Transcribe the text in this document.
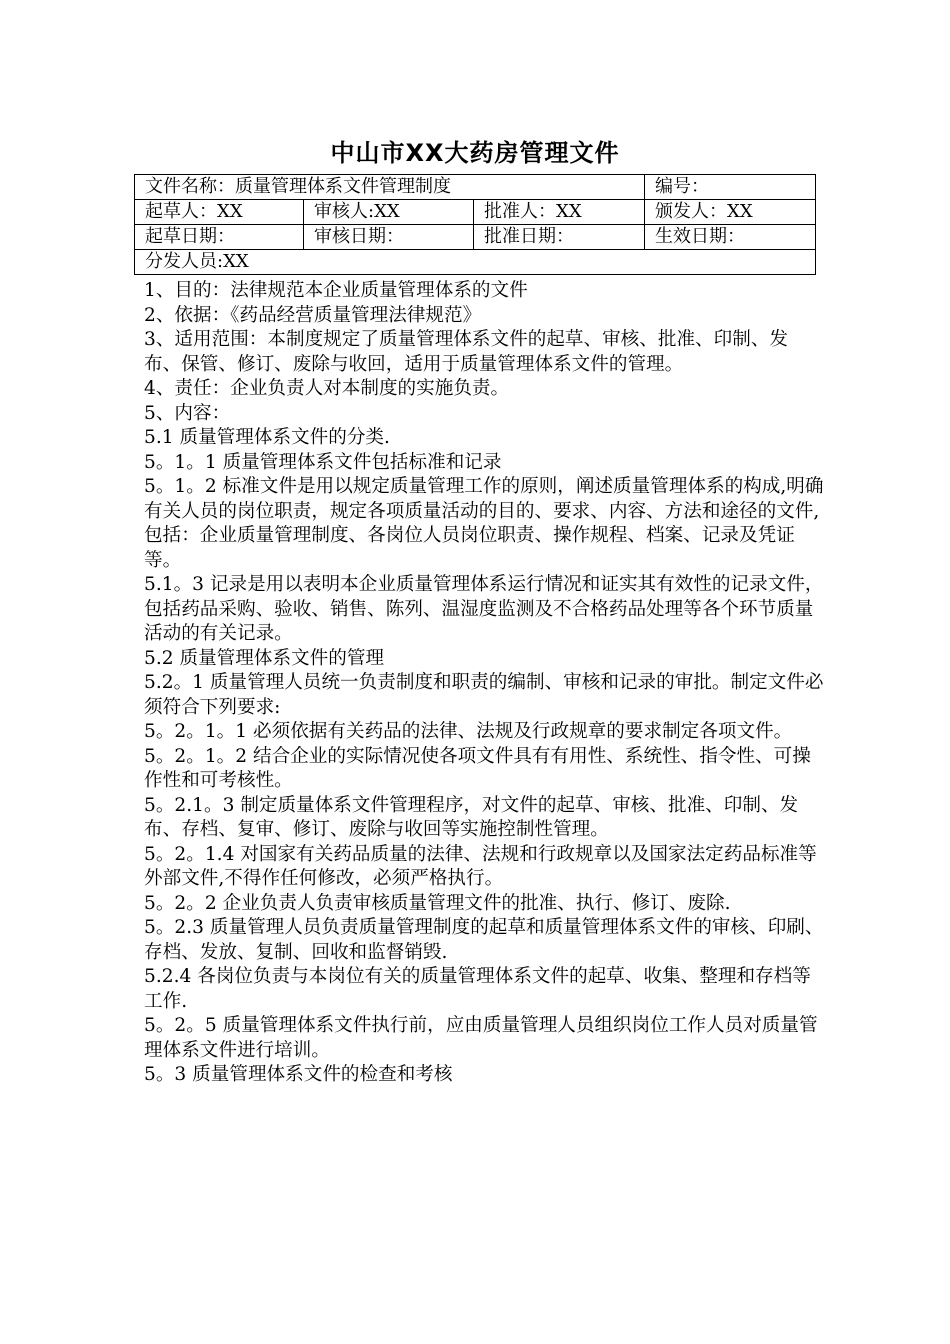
中山市XX大药房管理文件
文件名称：质量管理体系文件管理制度			编号：
起草人：XX	审核人:XX	批准人：XX	颁发人：XX
起草日期：	审核日期：	批准日期：	生效日期：
分发人员:XX			

1、目的：法律规范本企业质量管理体系的文件

2、依据：《药品经营质量管理法律规范》

3、适用范围：本制度规定了质量管理体系文件的起草、审核、批准、印制、发布、保管、修订、废除与收回，适用于质量管理体系文件的管理。

4、责任：企业负责人对本制度的实施负责。

5、内容：

5.1 质量管理体系文件的分类.

5。1。1 质量管理体系文件包括标准和记录

5。1。2 标准文件是用以规定质量管理工作的原则，阐述质量管理体系的构成,明确有关人员的岗位职责，规定各项质量活动的目的、要求、内容、方法和途径的文件,包括：企业质量管理制度、各岗位人员岗位职责、操作规程、档案、记录及凭证等。

5.1。3 记录是用以表明本企业质量管理体系运行情况和证实其有效性的记录文件，包括药品采购、验收、销售、陈列、温湿度监测及不合格药品处理等各个环节质量活动的有关记录。

5.2 质量管理体系文件的管理

5.2。1 质量管理人员统一负责制度和职责的编制、审核和记录的审批。制定文件必须符合下列要求:

5。2。1。1 必须依据有关药品的法律、法规及行政规章的要求制定各项文件。

5。2。1。2 结合企业的实际情况使各项文件具有有用性、系统性、指令性、可操作性和可考核性。

5。2.1。3 制定质量体系文件管理程序，对文件的起草、审核、批准、印制、发布、存档、复审、修订、废除与收回等实施控制性管理。

5。2。1.4 对国家有关药品质量的法律、法规和行政规章以及国家法定药品标准等外部文件,不得作任何修改，必须严格执行。

5。2。2 企业负责人负责审核质量管理文件的批准、执行、修订、废除.

5。2.3 质量管理人员负责质量管理制度的起草和质量管理体系文件的审核、印刷、存档、发放、复制、回收和监督销毁.

5.2.4 各岗位负责与本岗位有关的质量管理体系文件的起草、收集、整理和存档等工作.

5。2。5 质量管理体系文件执行前，应由质量管理人员组织岗位工作人员对质量管理体系文件进行培训。

5。3 质量管理体系文件的检查和考核
